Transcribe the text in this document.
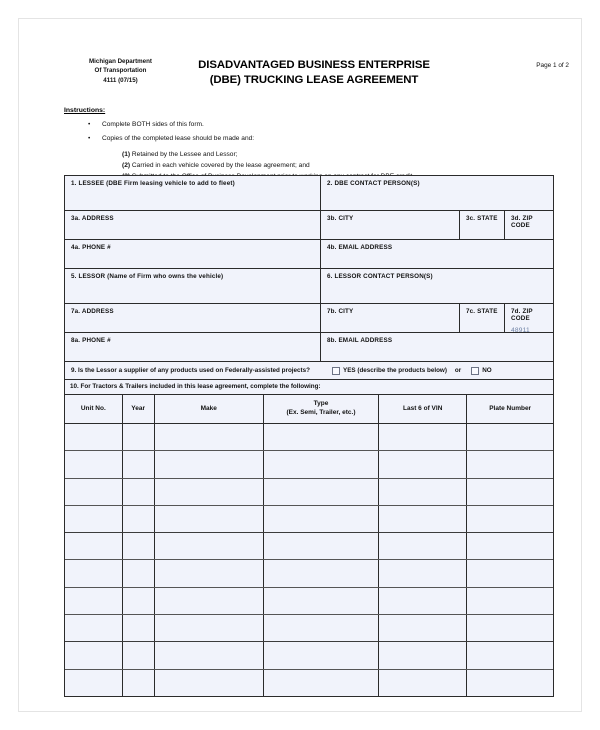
Michigan Department
Of Transportation
4111 (07/15)
DISADVANTAGED BUSINESS ENTERPRISE
(DBE) TRUCKING LEASE AGREEMENT
Page 1 of 2
Instructions:
• Complete BOTH sides of this form.
• Copies of the completed lease should be made and:
(1) Retained by the Lessee and Lessor;
(2) Carried in each vehicle covered by the lease agreement; and
1. LESSEE (DBE Firm leasing vehicle to add to fleet)	2. DBE CONTACT PERSON(S)
3a. ADDRESS	3b. CITY	3c. STATE	3d. ZIP CODE
4a. PHONE #	4b. EMAIL ADDRESS
5. LESSOR (Name of Firm who owns the vehicle)	6. LESSOR CONTACT PERSON(S)
7a. ADDRESS	7b. CITY	7c. STATE	7d. ZIP CODE
48911
8a. PHONE #	8b. EMAIL ADDRESS
9. Is the Lessor a supplier of any products used on Federally-assisted projects?	YES (describe the products below) or	NO
10. For Tractors & Trailers included in this lease agreement, complete the following:
Unit No.	Year	Make	Type
(Ex. Semi, Trailer, etc.)	Last 6 of VIN	Plate Number
